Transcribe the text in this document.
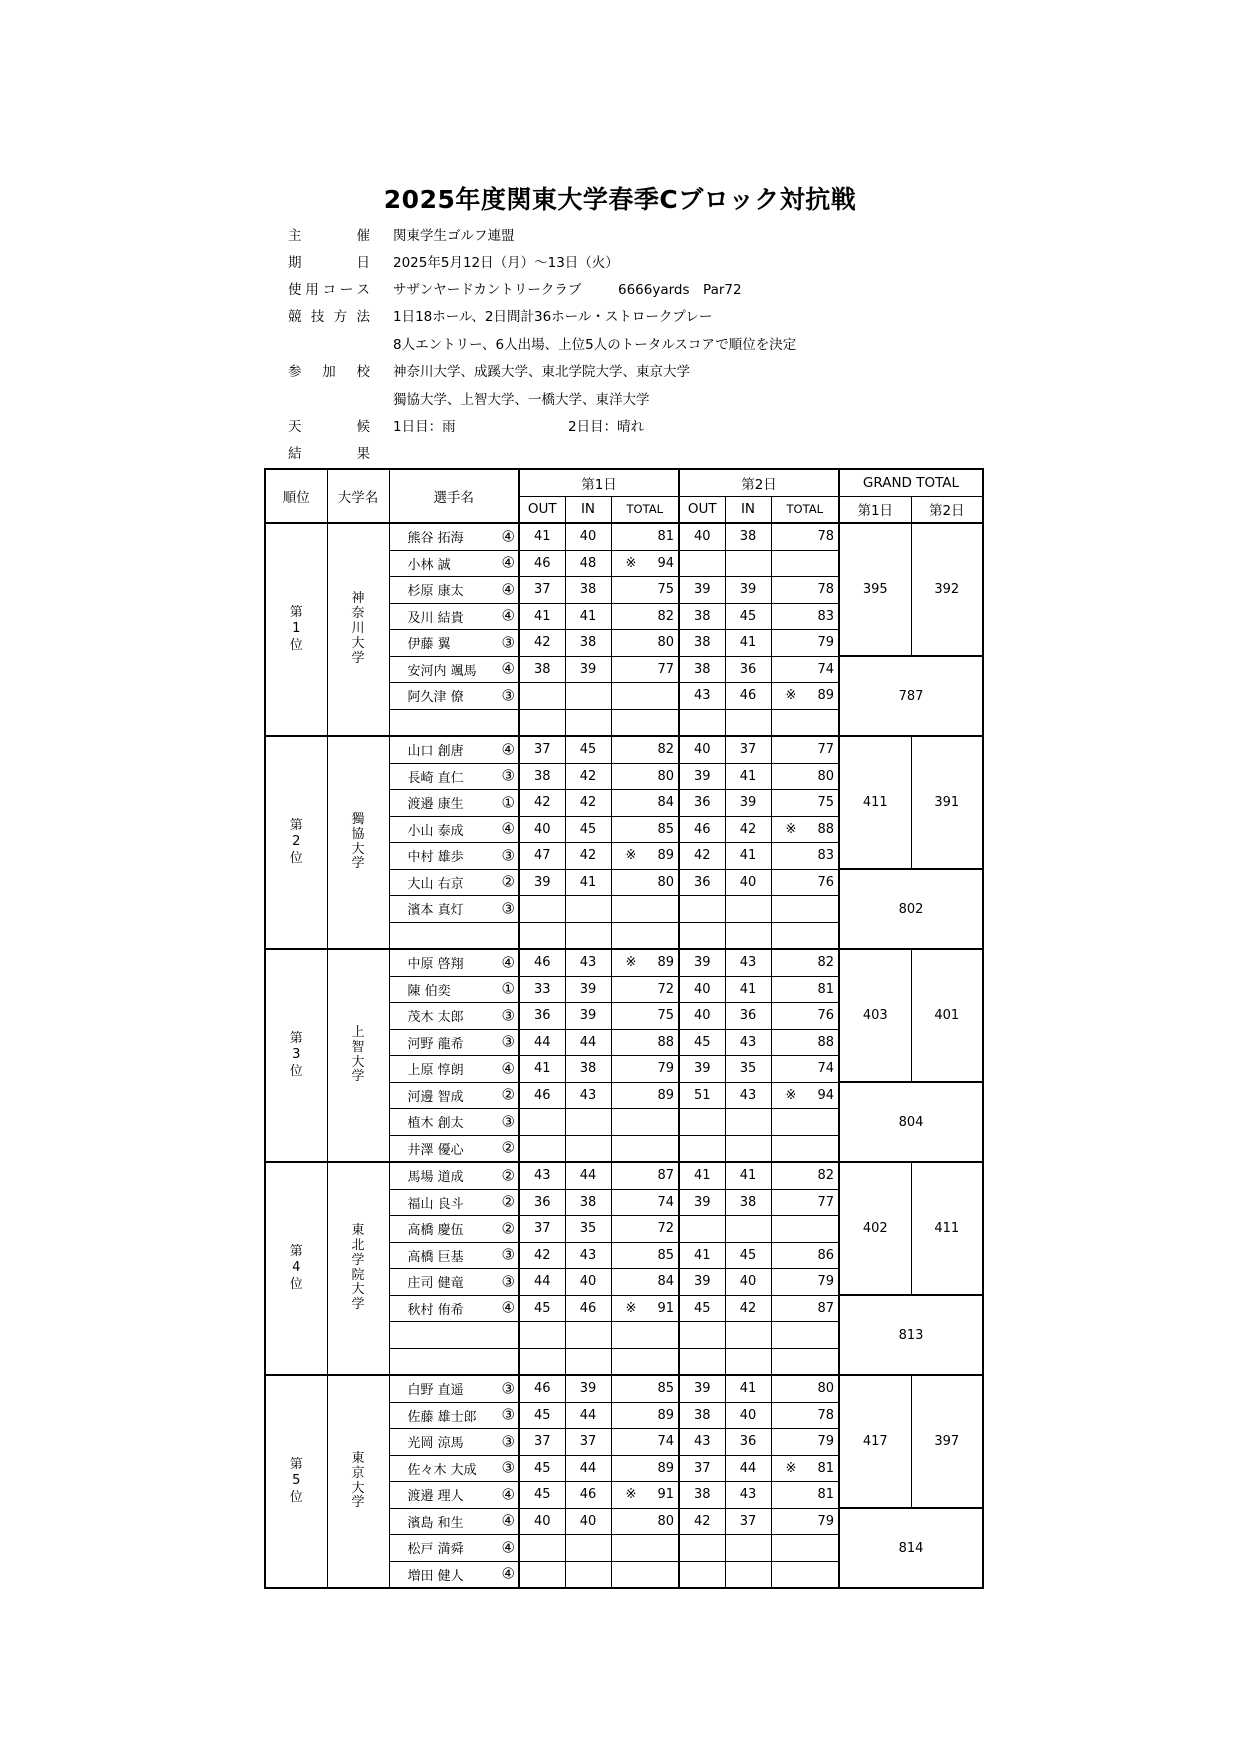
2025年度関東大学春季Cブロック対抗戦
主催 関東学生ゴルフ連盟
期日 2025年5月12日（月）～13日（火）
使用コース サザンヤードカントリークラブ	6666yards　Par72
競技方法 1日18ホール、2日間計36ホール・ストロークプレー
8人エントリー、6人出場、上位5人のトータルスコアで順位を決定
参加校 神奈川大学、成蹊大学、東北学院大学、東京大学
獨協大学、上智大学、一橋大学、東洋大学
天候 1日目：雨	2日目：晴れ
結果
順位	大学名	選手名	第1日			第2日			GRAND TOTAL	
			OUT	IN	TOTAL	OUT	IN	TOTAL	第1日	第2日
第1位	神奈川大学	熊谷 拓海 ④	41	40	81	40	38	78	395	392
		小林 誠 ④	46	48	※ 94					

		杉原 康太 ④	37	38	75	39	39	78		
		及川 結貴 ④	41	41	82	38	45	83		
		伊藤 翼 ③	42	38	80	38	41	79		
		安河内 颯馬 ④	38	39	77	38	36	74	787	
		阿久津 僚 ③				43	46	※ 89		

第2位	獨協大学	山口 創唐 ④	37	45	82	40	37	77	411	391
		長崎 直仁 ③	38	42	80	39	41	80		
		渡邉 康生 ①	42	42	84	36	39	75		
		小山 泰成 ④	40	45	85	46	42	※ 88		
		中村 雄歩 ③	47	42	※ 89	42	41	83		
		大山 右京 ②	39	41	80	36	40	76	802	
		濱本 真灯 ③								

第3位	上智大学	中原 啓翔 ④	46	43	※ 89	39	43	82	403	401
		陳 伯奕 ①	33	39	72	40	41	81		
		茂木 太郎 ③	36	39	75	40	36	76		
		河野 龍希 ③	44	44	88	45	43	88		
		上原 惇朗 ④	41	38	79	39	35	74		
		河邊 智成 ②	46	43	89	51	43	※ 94	804	
		植木 創太 ③								

		井澤 優心 ②								

第4位	東北学院大学	馬場 道成 ②	43	44	87	41	41	82	402	411
		福山 良斗 ②	36	38	74	39	38	77		
		高橋 慶伍 ②	37	35	72					

		高橋 巨基 ③	42	43	85	41	45	86		
		庄司 健竜 ③	44	40	84	39	40	79		
		秋村 侑希 ④	45	46	※ 91	45	42	87	813	

第5位	東京大学	白野 直遥 ③	46	39	85	39	41	80	417	397
		佐藤 雄士郎 ③	45	44	89	38	40	78		
		光岡 涼馬 ③	37	37	74	43	36	79		
		佐々木 大成 ③	45	44	89	37	44	※ 81		
		渡邉 理人 ④	45	46	※ 91	38	43	81		
		濱島 和生 ④	40	40	80	42	37	79	814	
		松戸 満舜 ④								

		増田 健人 ④								
